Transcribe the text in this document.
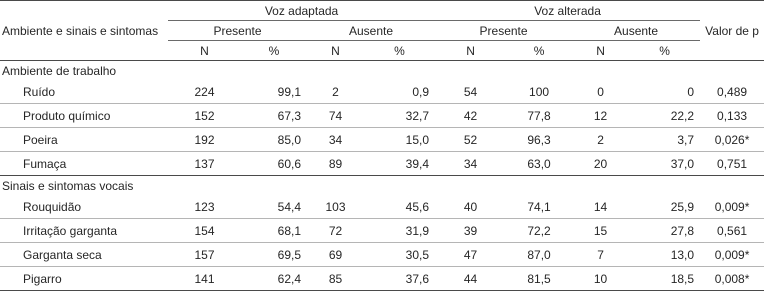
Ambiente e sinais e sintomas	Voz adaptada				Voz alterada				Valor de p
	Presente		Ausente		Presente		Ausente		
	N	%	N	%	N	%	N	%	
Ambiente de trabalho									
Ruído	224	99,1	2	0,9	54	100	0	0	0,489
Produto químico	152	67,3	74	32,7	42	77,8	12	22,2	0,133
Poeira	192	85,0	34	15,0	52	96,3	2	3,7	0,026*
Fumaça	137	60,6	89	39,4	34	63,0	20	37,0	0,751
Sinais e sintomas vocais									
Rouquidão	123	54,4	103	45,6	40	74,1	14	25,9	0,009*
Irritação garganta	154	68,1	72	31,9	39	72,2	15	27,8	0,561
Garganta seca	157	69,5	69	30,5	47	87,0	7	13,0	0,009*
Pigarro	141	62,4	85	37,6	44	81,5	10	18,5	0,008*
